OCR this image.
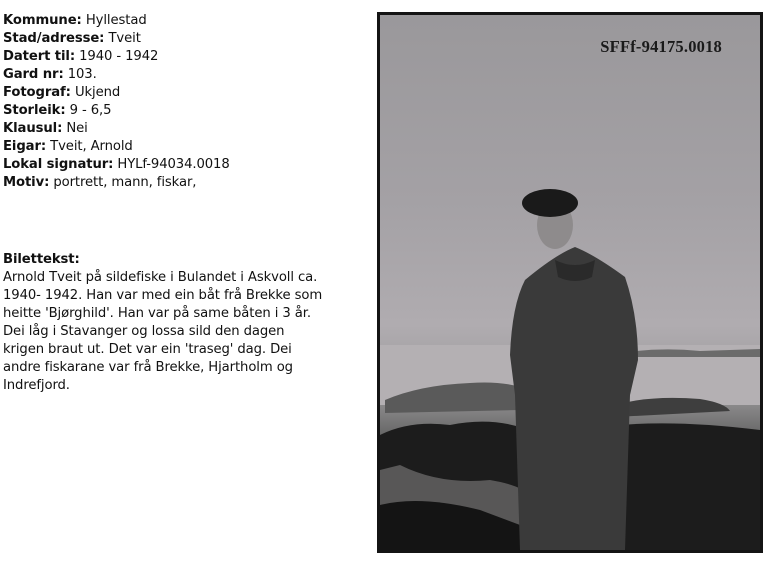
Kommune: Hyllestad
Stad/adresse: Tveit
Datert til: 1940 - 1942
Gard nr: 103.
Fotograf: Ukjend
Storleik: 9 - 6,5
Klausul: Nei
Eigar: Tveit, Arnold
Lokal signatur: HYLf-94034.0018
Motiv: portrett, mann, fiskar,
Bilettekst:
Arnold Tveit på sildefiske i Bulandet i Askvoll ca.
1940- 1942. Han var med ein båt frå Brekke som
heitte 'Bjørghild'. Han var på same båten i 3 år.
Dei låg i Stavanger og lossa sild den dagen
krigen braut ut. Det var ein 'traseg' dag. Dei
andre fiskarane var frå Brekke, Hjartholm og
Indrefjord.
SFFf-94175.0018
